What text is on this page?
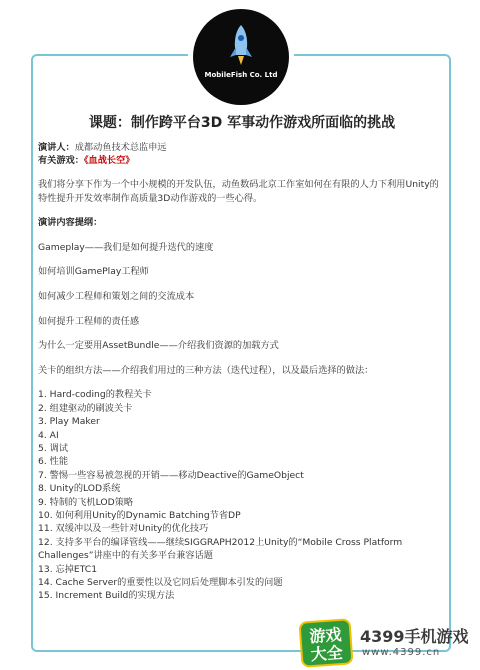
MobileFish Co. Ltd
课题：制作跨平台3D 军事动作游戏所面临的挑战
演讲人：成都动鱼技术总监申远
有关游戏：《血战长空》

我们将分享下作为一个中小规模的开发队伍，动鱼数码北京工作室如何在有限的人力下利用Unity的特性提升开发效率制作高质量3D动作游戏的一些心得。

演讲内容提纲：

Gameplay——我们是如何提升迭代的速度

如何培训GamePlay工程师

如何减少工程师和策划之间的交流成本

如何提升工程师的责任感

为什么一定要用AssetBundle——介绍我们资源的加载方式

关卡的组织方法——介绍我们用过的三种方法（迭代过程），以及最后选择的做法：

1. Hard-coding的教程关卡
2. 组建驱动的刷波关卡
3. Play Maker
4. AI
5. 调试
6. 性能
7. 警惕一些容易被忽视的开销——移动Deactive的GameObject
8. Unity的LOD系统
9. 特制的飞机LOD策略
10. 如何利用Unity的Dynamic Batching节省DP
11. 双缓冲以及一些针对Unity的优化技巧
12. 支持多平台的编译管线——继续SIGGRAPH2012上Unity的“Mobile Cross Platform Challenges”讲座中的有关多平台兼容话题
13. 忘掉ETC1
14. Cache Server的重要性以及它同后处理脚本引发的问题
15. Increment Build的实现方法
游戏
大全
4399手机游戏
www.4399.cn
